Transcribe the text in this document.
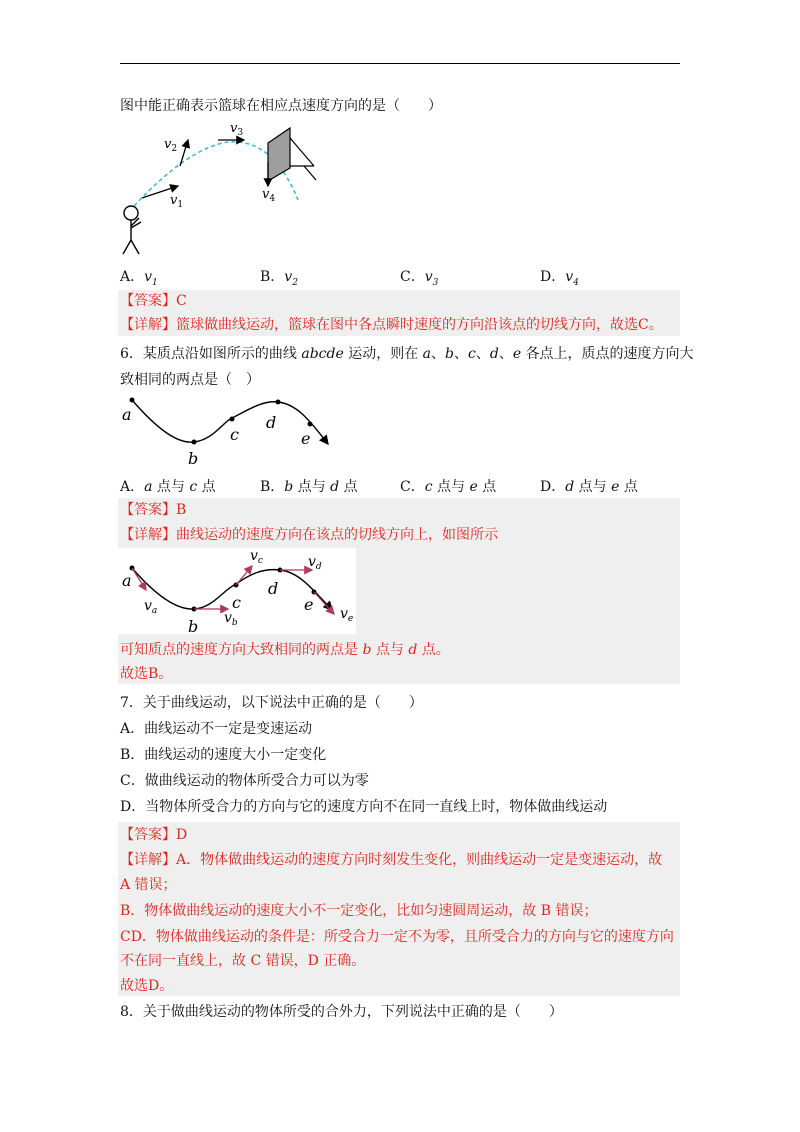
图中能正确表示篮球在相应点速度方向的是（　　）
$v_1$
$v_2$
$v_3$
$v_4$
A．$v_1$	B．$v_2$	C．$v_3$	D．$v_4$
【答案】C
【详解】篮球做曲线运动，篮球在图中各点瞬时速度的方向沿该点的切线方向，故选C。
6．某质点沿如图所示的曲线 abcde 运动，则在 a、b、c、d、e 各点上，质点的速度方向大
致相同的两点是（　）
a
b
c
d
e
A．a 点与 c 点	B．b 点与 d 点	C．c 点与 e 点	D．d 点与 e 点
【答案】B
【详解】曲线运动的速度方向在该点的切线方向上，如图所示
a
b
c
d
e
$v_a$	$v_b$
$v_c$	$v_d$
$v_e$
可知质点的速度方向大致相同的两点是 b 点与 d 点。
故选B。
7．关于曲线运动，以下说法中正确的是（　　）
A．曲线运动不一定是变速运动
B．曲线运动的速度大小一定变化
C．做曲线运动的物体所受合力可以为零
D．当物体所受合力的方向与它的速度方向不在同一直线上时，物体做曲线运动
【答案】D
【详解】A．物体做曲线运动的速度方向时刻发生变化，则曲线运动一定是变速运动，故
A 错误；
B．物体做曲线运动的速度大小不一定变化，比如匀速圆周运动，故 B 错误；
CD．物体做曲线运动的条件是：所受合力一定不为零，且所受合力的方向与它的速度方向
不在同一直线上，故 C 错误，D 正确。
故选D。
8．关于做曲线运动的物体所受的合外力，下列说法中正确的是（　　）
